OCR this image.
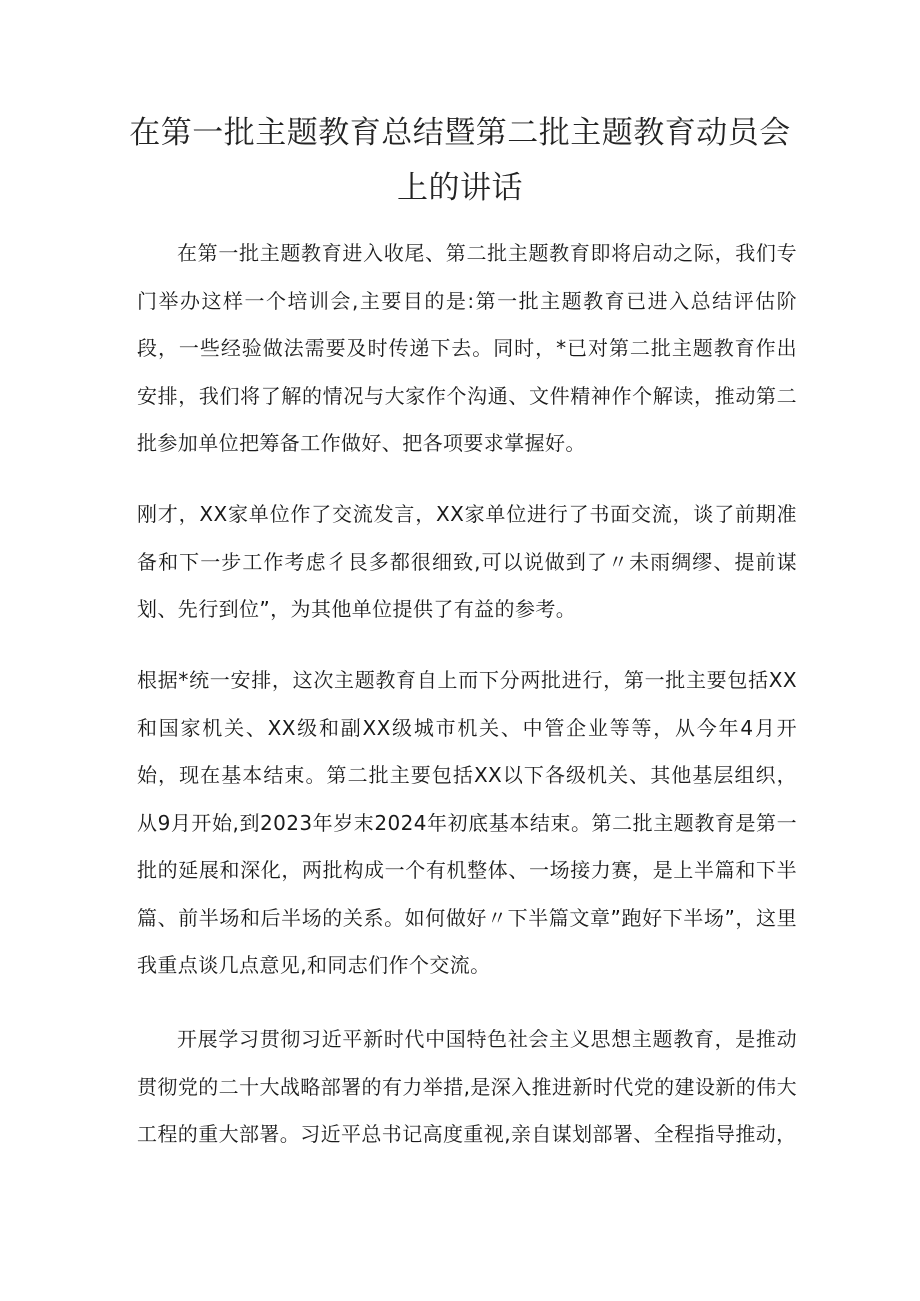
在第一批主题教育总结暨第二批主题教育动员会上的讲话

在第一批主题教育进入收尾、第二批主题教育即将启动之际，我们专门举办这样一个培训会,主要目的是:第一批主题教育已进入总结评估阶段，一些经验做法需要及时传递下去。同时，*已对第二批主题教育作出安排，我们将了解的情况与大家作个沟通、文件精神作个解读，推动第二批参加单位把筹备工作做好、把各项要求掌握好。

刚才，XX家单位作了交流发言，XX家单位进行了书面交流，谈了前期准备和下一步工作考虑彳艮多都很细致,可以说做到了〃未雨绸缪、提前谋划、先行到位”，为其他单位提供了有益的参考。

根据*统一安排，这次主题教育自上而下分两批进行，第一批主要包括XX和国家机关、XX级和副XX级城市机关、中管企业等等，从今年4月开始，现在基本结束。第二批主要包括XX以下各级机关、其他基层组织，从9月开始,到2023年岁末2024年初底基本结束。第二批主题教育是第一批的延展和深化，两批构成一个有机整体、一场接力赛，是上半篇和下半篇、前半场和后半场的关系。如何做好〃下半篇文章”跑好下半场”，这里我重点谈几点意见,和同志们作个交流。

开展学习贯彻习近平新时代中国特色社会主义思想主题教育，是推动贯彻党的二十大战略部署的有力举措,是深入推进新时代党的建设新的伟大工程的重大部署。习近平总书记高度重视,亲自谋划部署、全程指导推动，
